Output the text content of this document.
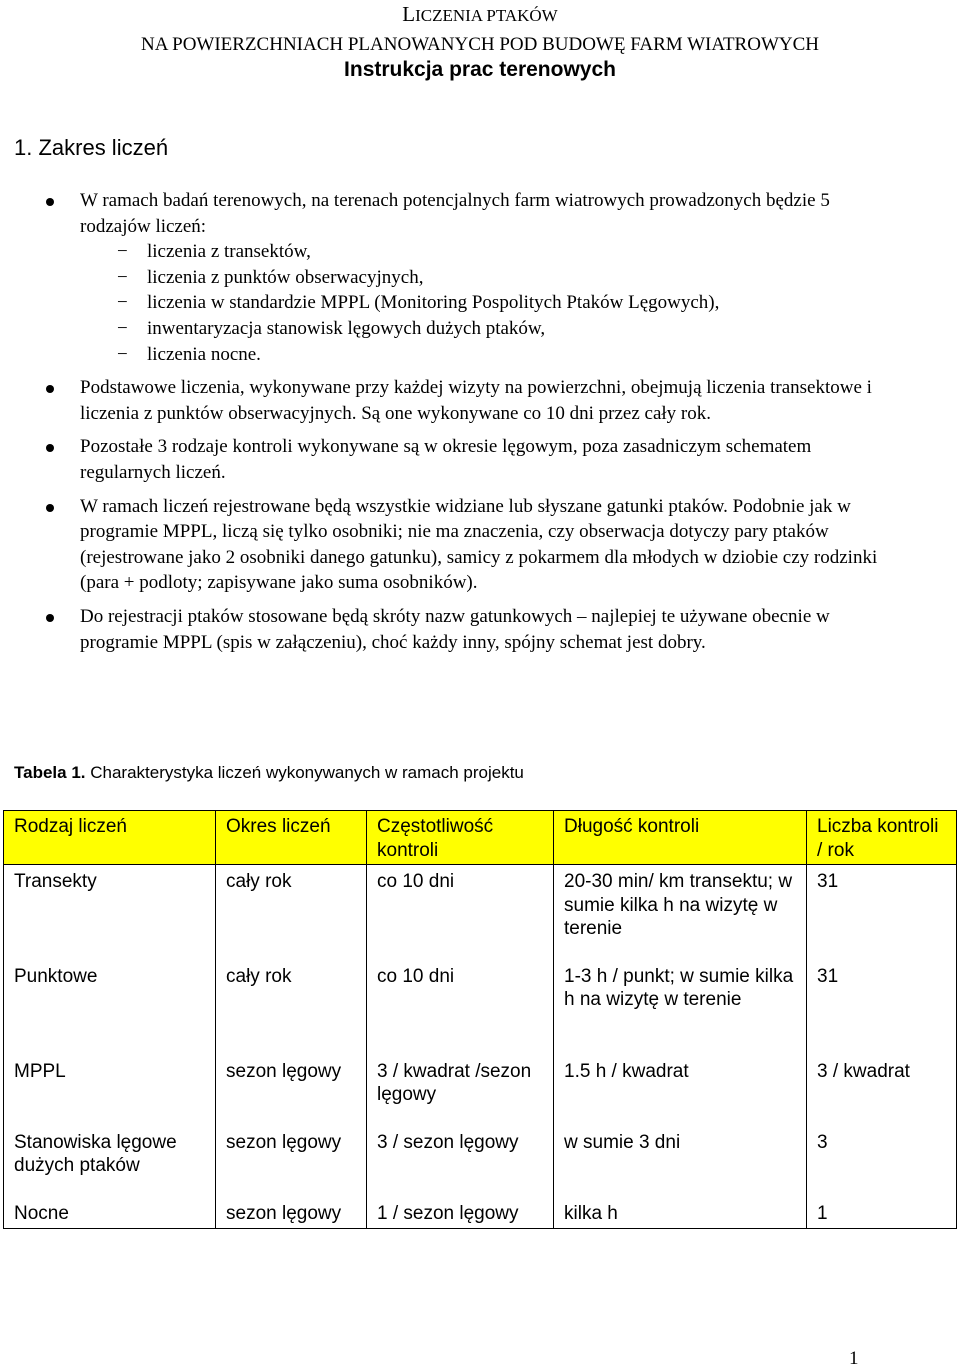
LICZENIA PTAKÓW
NA POWIERZCHNIACH PLANOWANYCH POD BUDOWĘ FARM WIATROWYCH
Instrukcja prac terenowych
1. Zakres liczeń
W ramach badań terenowych, na terenach potencjalnych farm wiatrowych prowadzonych będzie 5 rodzajów liczeń:
− liczenia z transektów,
− liczenia z punktów obserwacyjnych,
− liczenia w standardzie MPPL (Monitoring Pospolitych Ptaków Lęgowych),
− inwentaryzacja stanowisk lęgowych dużych ptaków,
− liczenia nocne.
Podstawowe liczenia, wykonywane przy każdej wizyty na powierzchni, obejmują liczenia transektowe i liczenia z punktów obserwacyjnych. Są one wykonywane co 10 dni przez cały rok.
Pozostałe 3 rodzaje kontroli wykonywane są w okresie lęgowym, poza zasadniczym schematem regularnych liczeń.
W ramach liczeń rejestrowane będą wszystkie widziane lub słyszane gatunki ptaków. Podobnie jak w programie MPPL, liczą się tylko osobniki; nie ma znaczenia, czy obserwacja dotyczy pary ptaków (rejestrowane jako 2 osobniki danego gatunku), samicy z pokarmem dla młodych w dziobie czy rodzinki (para + podloty; zapisywane jako suma osobników).
Do rejestracji ptaków stosowane będą skróty nazw gatunkowych – najlepiej te używane obecnie w programie MPPL (spis w załączeniu), choć każdy inny, spójny schemat jest dobry.
Tabela 1. Charakterystyka liczeń wykonywanych w ramach projektu
Rodzaj liczeń	Okres liczeń	Częstotliwość kontroli	Długość kontroli	Liczba kontroli / rok
Transekty	cały rok	co 10 dni	20-30 min/ km transektu; w sumie kilka h na wizytę w terenie	31
Punktowe	cały rok	co 10 dni	1-3 h / punkt; w sumie kilka h na wizytę w terenie	31
MPPL	sezon lęgowy	3 / kwadrat /sezon lęgowy	1.5 h / kwadrat	3 / kwadrat
Stanowiska lęgowe dużych ptaków	sezon lęgowy	3 / sezon lęgowy	w sumie 3 dni	3
Nocne	sezon lęgowy	1 / sezon lęgowy	kilka h	1
1
